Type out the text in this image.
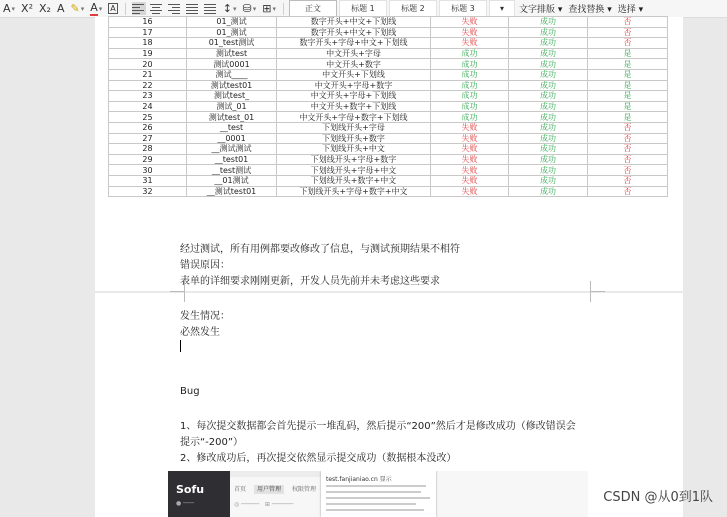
A ▾ X² X₂ A ✎ ▾ A ▾ A	↕ ▾ ⛁ ▾ ⊞ ▾	正文	标题 1	标题 2	标题 3	▾	文字排版 ▾ 查找替换 ▾ 选择 ▾
16	01_测试	数字开头+中文+下划线	失败	成功	否
17	01_测试	数字开头+中文+下划线	失败	成功	否
18	01_test测试	数字开头+字母+中文+下划线	失败	成功	否
19	测试test	中文开头+字母	成功	成功	是
20	测试0001	中文开头+数字	成功	成功	是
21	测试____	中文开头+下划线	成功	成功	是
22	测试test01	中文开头+字母+数字	成功	成功	是
23	测试test_	中文开头+字母+下划线	成功	成功	是
24	测试_01	中文开头+数字+下划线	成功	成功	是
25	测试test_01	中文开头+字母+数字+下划线	成功	成功	是
26	__test	下划线开头+字母	失败	成功	否
27	__0001	下划线开头+数字	失败	成功	否
28	__测试测试	下划线开头+中文	失败	成功	否
29	__test01	下划线开头+字母+数字	失败	成功	否
30	__test测试	下划线开头+字母+中文	失败	成功	否
31	__01测试	下划线开头+数字+中文	失败	成功	否
32	__测试test01	下划线开头+字母+数字+中文	失败	成功	否
经过测试，所有用例都要改修改了信息，与测试预期结果不相符
错误原因：
表单的详细要求刚刚更新，开发人员先前并未考虑这些要求
发生情况：
必然发生
Bug
1、每次提交数据都会首先提示一堆乱码，然后提示“200”然后才是修改成功（修改错误会
提示“-200”）
2、修改成功后，再次提交依然显示提交成功（数据根本没改）
Sofu
● ───
首页 用户管理 权限管理
◎ ─────   ⊞ ──────
test.fanjianiao.cn 显示
CSDN @从0到1队
